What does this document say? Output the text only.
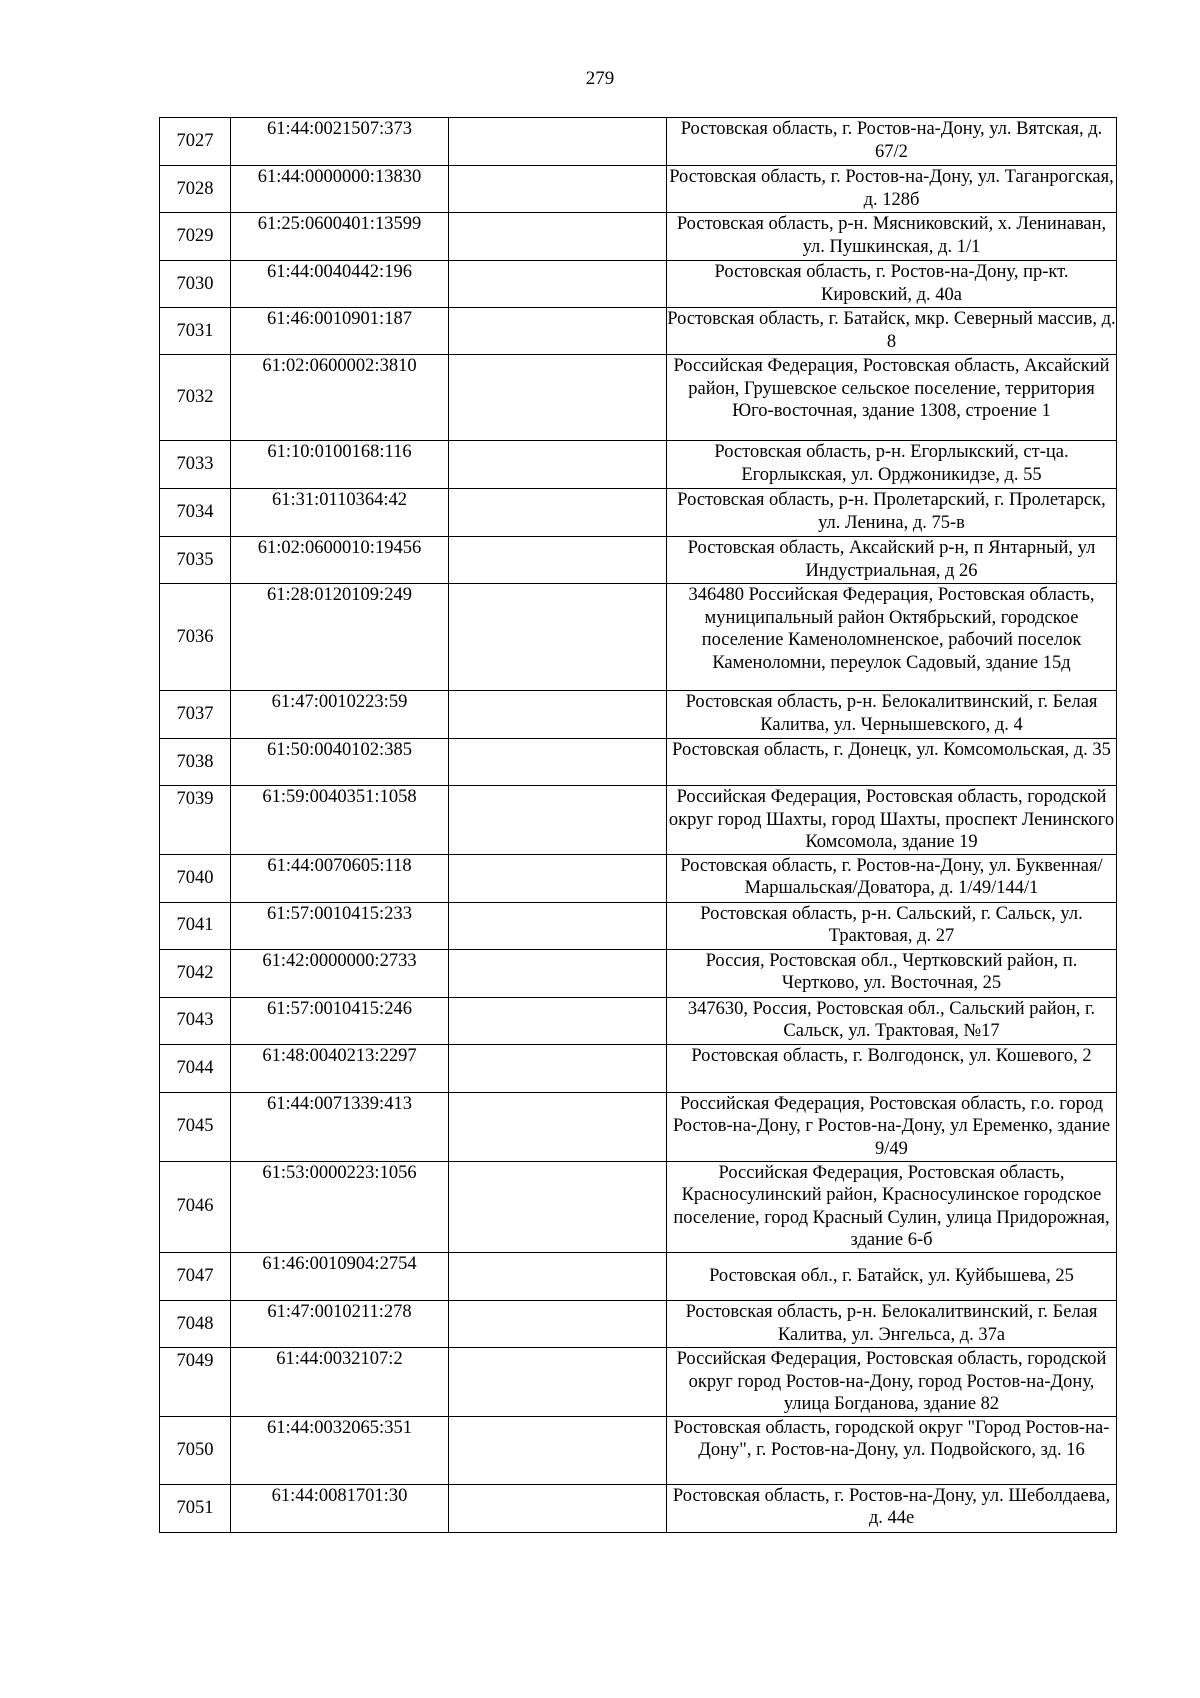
279
7027	61:44:0021507:373		Ростовская область, г. Ростов-на-Дону, ул. Вятская, д. 67/2
7028	61:44:0000000:13830		Ростовская область, г. Ростов-на-Дону, ул. Таганрогская, д. 128б
7029	61:25:0600401:13599		Ростовская область, р-н. Мясниковский, х. Ленинаван, ул. Пушкинская, д. 1/1
7030	61:44:0040442:196		Ростовская область, г. Ростов-на-Дону, пр-кт. Кировский, д. 40а
7031	61:46:0010901:187		Ростовская область, г. Батайск, мкр. Северный массив, д. 8
7032	61:02:0600002:3810		Российская Федерация, Ростовская область, Аксайский район, Грушевское сельское поселение, территория Юго-восточная, здание 1308, строение 1
7033	61:10:0100168:116		Ростовская область, р-н. Егорлыкский, ст-ца. Егорлыкская, ул. Орджоникидзе, д. 55
7034	61:31:0110364:42		Ростовская область, р-н. Пролетарский, г. Пролетарск, ул. Ленина, д. 75-в
7035	61:02:0600010:19456		Ростовская область, Аксайский р-н, п Янтарный, ул Индустриальная, д 26
7036	61:28:0120109:249		346480 Российская Федерация, Ростовская область, муниципальный район Октябрьский, городское поселение Каменоломненское, рабочий поселок Каменоломни, переулок Садовый, здание 15д
7037	61:47:0010223:59		Ростовская область, р-н. Белокалитвинский, г. Белая Калитва, ул. Чернышевского, д. 4
7038	61:50:0040102:385		Ростовская область, г. Донецк, ул. Комсомольская, д. 35
7039	61:59:0040351:1058		Российская Федерация, Ростовская область, городской округ город Шахты, город Шахты, проспект Ленинского Комсомола, здание 19
7040	61:44:0070605:118		Ростовская область, г. Ростов-на-Дону, ул. Буквенная/Маршальская/Доватора, д. 1/49/144/1
7041	61:57:0010415:233		Ростовская область, р-н. Сальский, г. Сальск, ул. Трактовая, д. 27
7042	61:42:0000000:2733		Россия, Ростовская обл., Чертковский район, п. Чертково, ул. Восточная, 25
7043	61:57:0010415:246		347630, Россия, Ростовская обл., Сальский район, г. Сальск, ул. Трактовая, №17
7044	61:48:0040213:2297		Ростовская область, г. Волгодонск, ул. Кошевого, 2
7045	61:44:0071339:413		Российская Федерация, Ростовская область, г.о. город Ростов-на-Дону, г Ростов-на-Дону, ул Еременко, здание 9/49
7046	61:53:0000223:1056		Российская Федерация, Ростовская область, Красносулинский район, Красносулинское городское поселение, город Красный Сулин, улица Придорожная, здание 6-б
7047	61:46:0010904:2754		Ростовская обл., г. Батайск, ул. Куйбышева, 25
7048	61:47:0010211:278		Ростовская область, р-н. Белокалитвинский, г. Белая Калитва, ул. Энгельса, д. 37а
7049	61:44:0032107:2		Российская Федерация, Ростовская область, городской округ город Ростов-на-Дону, город Ростов-на-Дону, улица Богданова, здание 82
7050	61:44:0032065:351		Ростовская область, городской округ "Город Ростов-на-Дону", г. Ростов-на-Дону, ул. Подвойского, зд. 16
7051	61:44:0081701:30		Ростовская область, г. Ростов-на-Дону, ул. Шеболдаева, д. 44е
